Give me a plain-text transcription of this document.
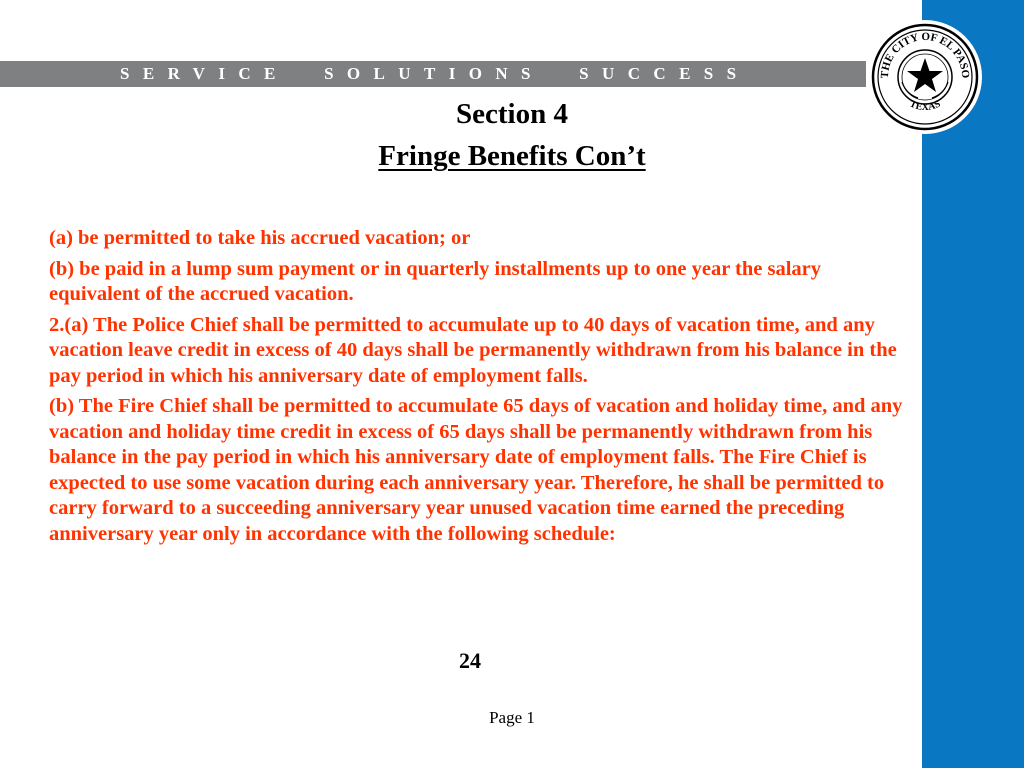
SERVICE  SOLUTIONS  SUCCESS	THE CITY OF EL PASO
TEXAS
Section 4
Fringe Benefits Con’t

(a) be permitted to take his accrued vacation; or

(b) be paid in a lump sum payment or in quarterly installments up to one year the salary equivalent of the accrued vacation.

2.(a) The Police Chief shall be permitted to accumulate up to 40 days of vacation time, and any vacation leave credit in excess of 40 days shall be permanently withdrawn from his balance in the pay period in which his anniversary date of employment falls.

(b) The Fire Chief shall be permitted to accumulate 65 days of vacation and holiday time, and any vacation and holiday time credit in excess of 65 days shall be permanently withdrawn from his balance in the pay period in which his anniversary date of employment falls. The Fire Chief is expected to use some vacation during each anniversary year. Therefore, he shall be permitted to carry forward to a succeeding anniversary year unused vacation time earned the preceding anniversary year only in accordance with the following schedule:

24
Page 1
